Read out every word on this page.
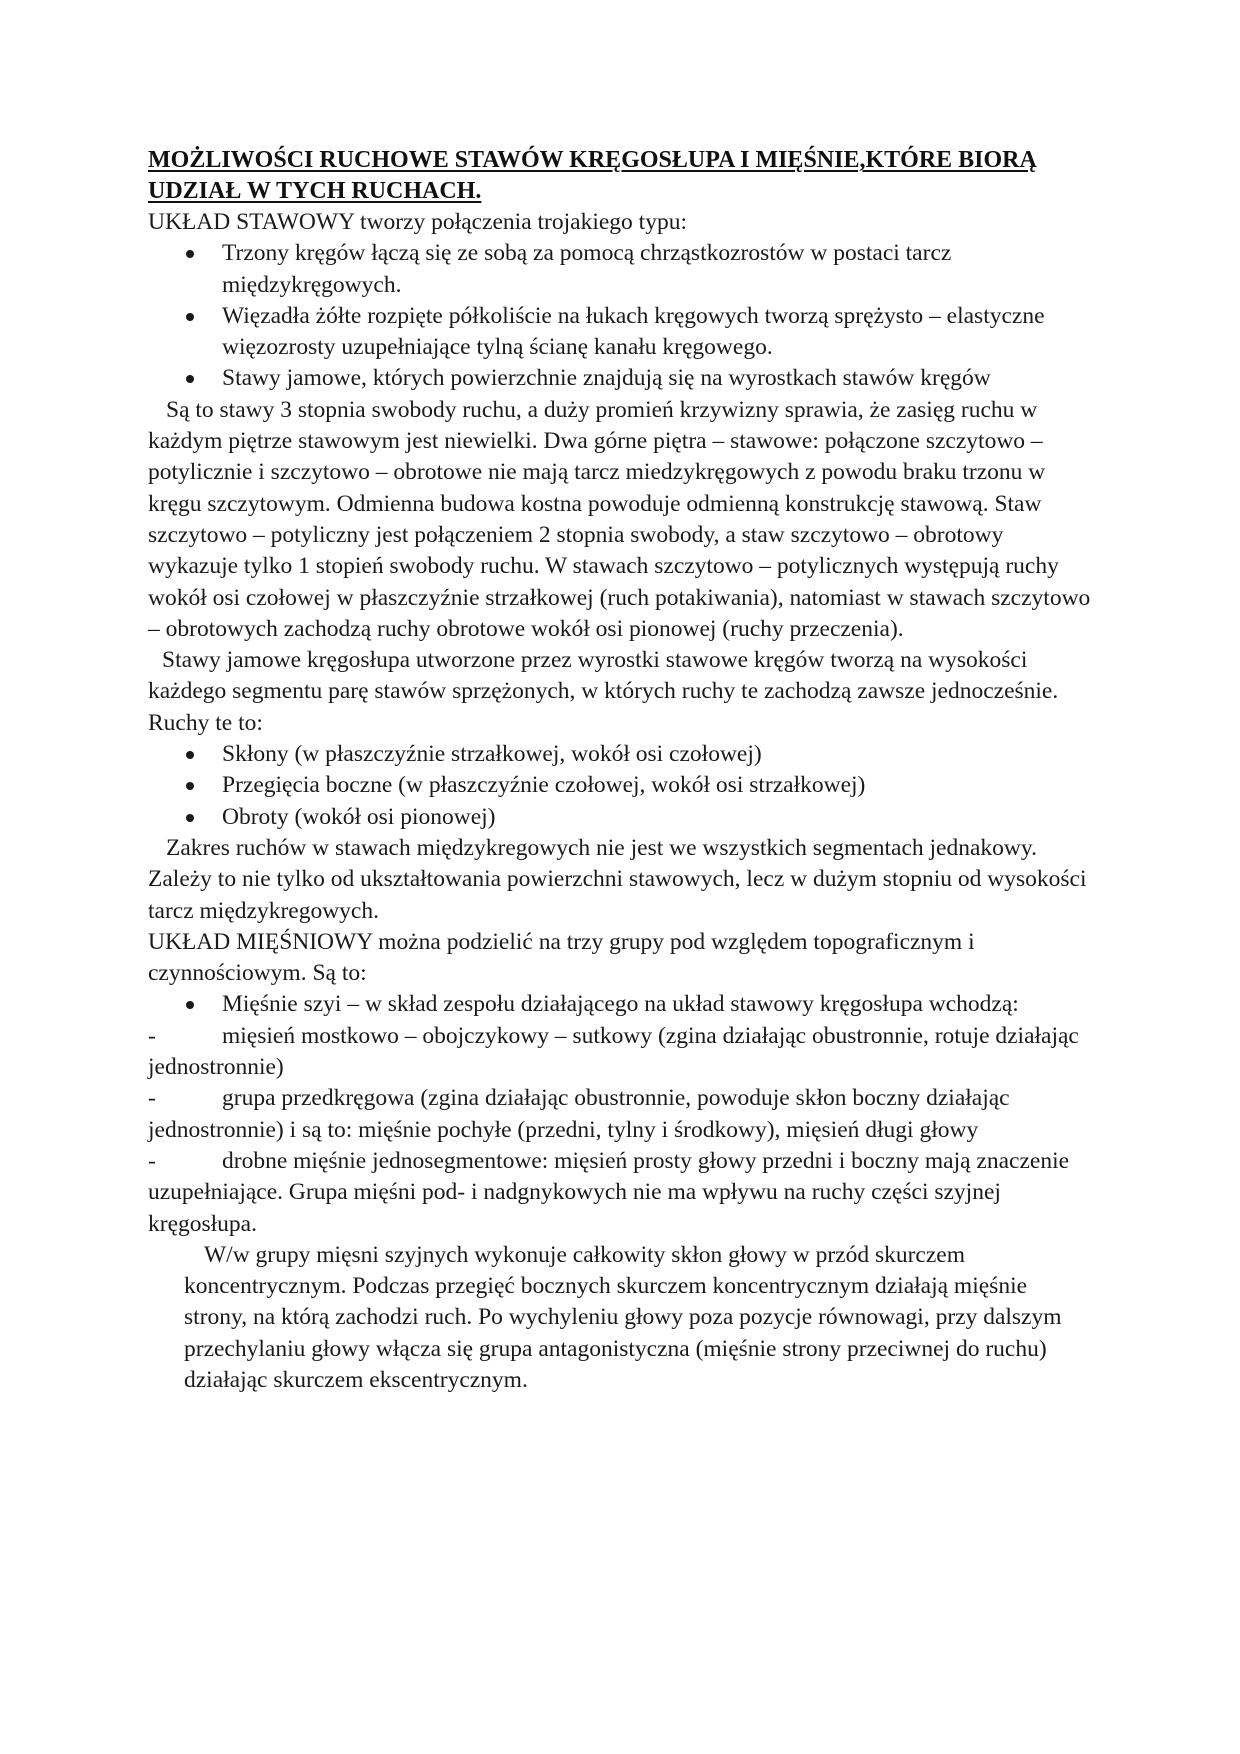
MOŻLIWOŚCI RUCHOWE STAWÓW KRĘGOSŁUPA I MIĘŚNIE,KTÓRE BIORĄ UDZIAŁ W TYCH RUCHACH.

UKŁAD STAWOWY tworzy połączenia trojakiego typu:

Trzony kręgów łączą się ze sobą za pomocą chrząstkozrostów w postaci tarcz międzykręgowych.
Więzadła żółte rozpięte półkoliście na łukach kręgowych tworzą sprężysto – elastyczne więzozrosty uzupełniające tylną ścianę kanału kręgowego.
Stawy jamowe, których powierzchnie znajdują się na wyrostkach stawów kręgów

Są to stawy 3 stopnia swobody ruchu, a duży promień krzywizny sprawia, że zasięg ruchu w każdym piętrze stawowym jest niewielki. Dwa górne piętra – stawowe: połączone szczytowo – potylicznie i szczytowo – obrotowe nie mają tarcz miedzykręgowych z powodu braku trzonu w kręgu szczytowym. Odmienna budowa kostna powoduje odmienną konstrukcję stawową. Staw szczytowo – potyliczny jest połączeniem 2 stopnia swobody, a staw szczytowo – obrotowy wykazuje tylko 1 stopień swobody ruchu. W stawach szczytowo – potylicznych występują ruchy wokół osi czołowej w płaszczyźnie strzałkowej (ruch potakiwania), natomiast w stawach szczytowo – obrotowych zachodzą ruchy obrotowe wokół osi pionowej (ruchy przeczenia).

Stawy jamowe kręgosłupa utworzone przez wyrostki stawowe kręgów tworzą na wysokości każdego segmentu parę stawów sprzężonych, w których ruchy te zachodzą zawsze jednocześnie.

Ruchy te to:

Skłony (w płaszczyźnie strzałkowej, wokół osi czołowej)
Przegięcia boczne (w płaszczyźnie czołowej, wokół osi strzałkowej)
Obroty (wokół osi pionowej)

Zakres ruchów w stawach międzykregowych nie jest we wszystkich segmentach jednakowy. Zależy to nie tylko od ukształtowania powierzchni stawowych, lecz w dużym stopniu od wysokości tarcz międzykregowych.

UKŁAD MIĘŚNIOWY można podzielić na trzy grupy pod względem topograficznym i czynnościowym. Są to:

Mięśnie szyi – w skład zespołu działającego na układ stawowy kręgosłupa wchodzą:

-	mięsień mostkowo – obojczykowy – sutkowy (zgina działając obustronnie, rotuje działając jednostronnie)

-	grupa przedkręgowa (zgina działając obustronnie, powoduje skłon boczny działając jednostronnie) i są to: mięśnie pochyłe (przedni, tylny i środkowy), mięsień długi głowy

-	drobne mięśnie jednosegmentowe: mięsień prosty głowy przedni i boczny mają znaczenie uzupełniające. Grupa mięśni pod- i nadgnykowych nie ma wpływu na ruchy części szyjnej kręgosłupa.

W/w grupy mięsni szyjnych wykonuje całkowity skłon głowy w przód skurczem koncentrycznym. Podczas przegięć bocznych skurczem koncentrycznym działają mięśnie strony, na którą zachodzi ruch. Po wychyleniu głowy poza pozycje równowagi, przy dalszym przechylaniu głowy włącza się grupa antagonistyczna (mięśnie strony przeciwnej do ruchu) działając skurczem ekscentrycznym.
